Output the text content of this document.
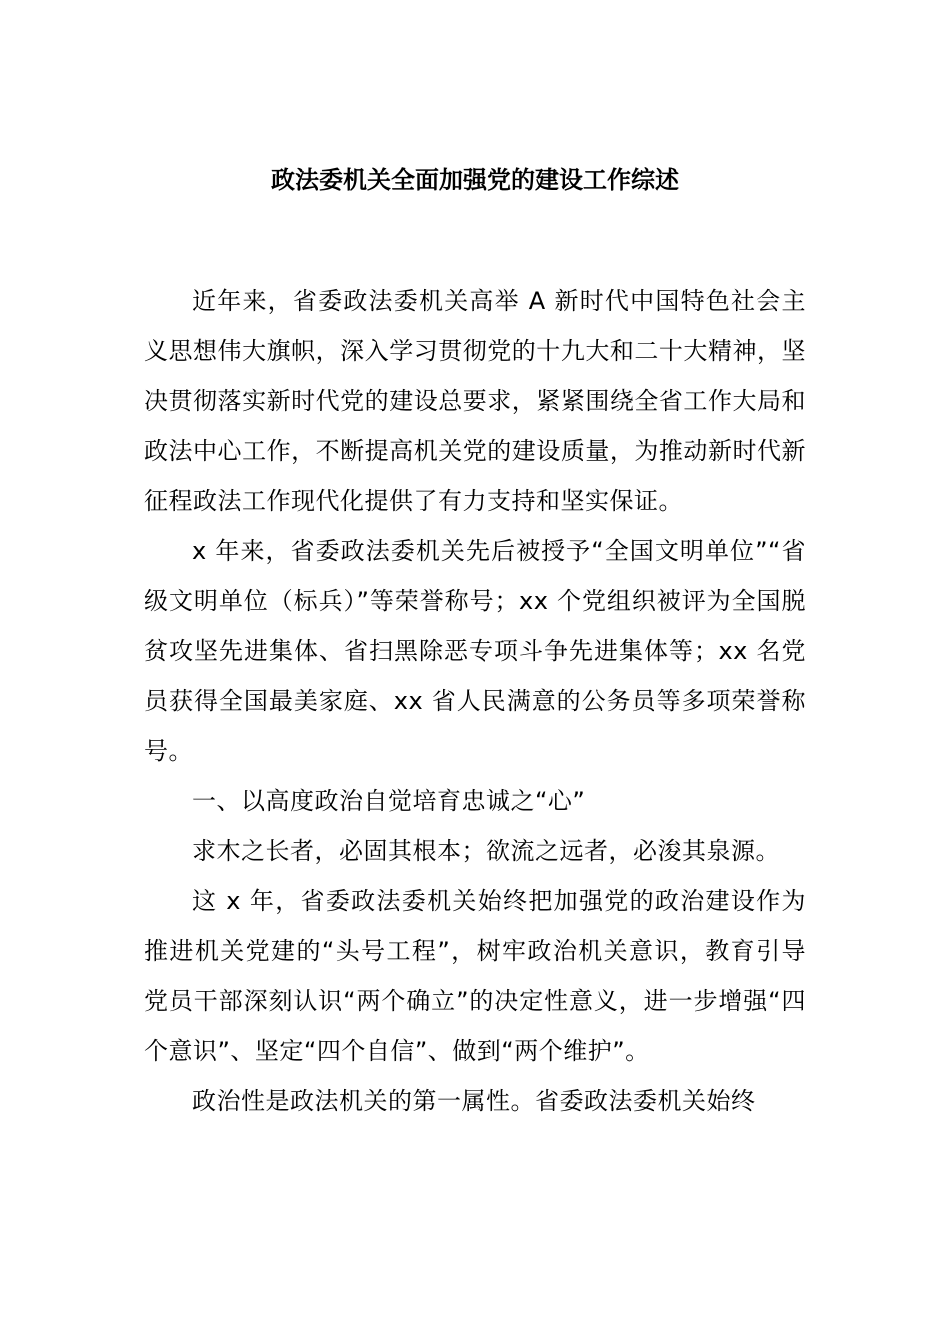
政法委机关全面加强党的建设工作综述

近年来，省委政法委机关高举 A 新时代中国特色社会主义思想伟大旗帜，深入学习贯彻党的十九大和二十大精神，坚决贯彻落实新时代党的建设总要求，紧紧围绕全省工作大局和政法中心工作，不断提高机关党的建设质量，为推动新时代新征程政法工作现代化提供了有力支持和坚实保证。

x 年来，省委政法委机关先后被授予“全国文明单位”“省级文明单位（标兵）”等荣誉称号；xx 个党组织被评为全国脱贫攻坚先进集体、省扫黑除恶专项斗争先进集体等；xx 名党员获得全国最美家庭、xx 省人民满意的公务员等多项荣誉称号。

一、以高度政治自觉培育忠诚之“心”

求木之长者，必固其根本；欲流之远者，必浚其泉源。

这 x 年，省委政法委机关始终把加强党的政治建设作为推进机关党建的“头号工程”，树牢政治机关意识，教育引导党员干部深刻认识“两个确立”的决定性意义，进一步增强“四个意识”、坚定“四个自信”、做到“两个维护”。

政治性是政法机关的第一属性。省委政法委机关始终
